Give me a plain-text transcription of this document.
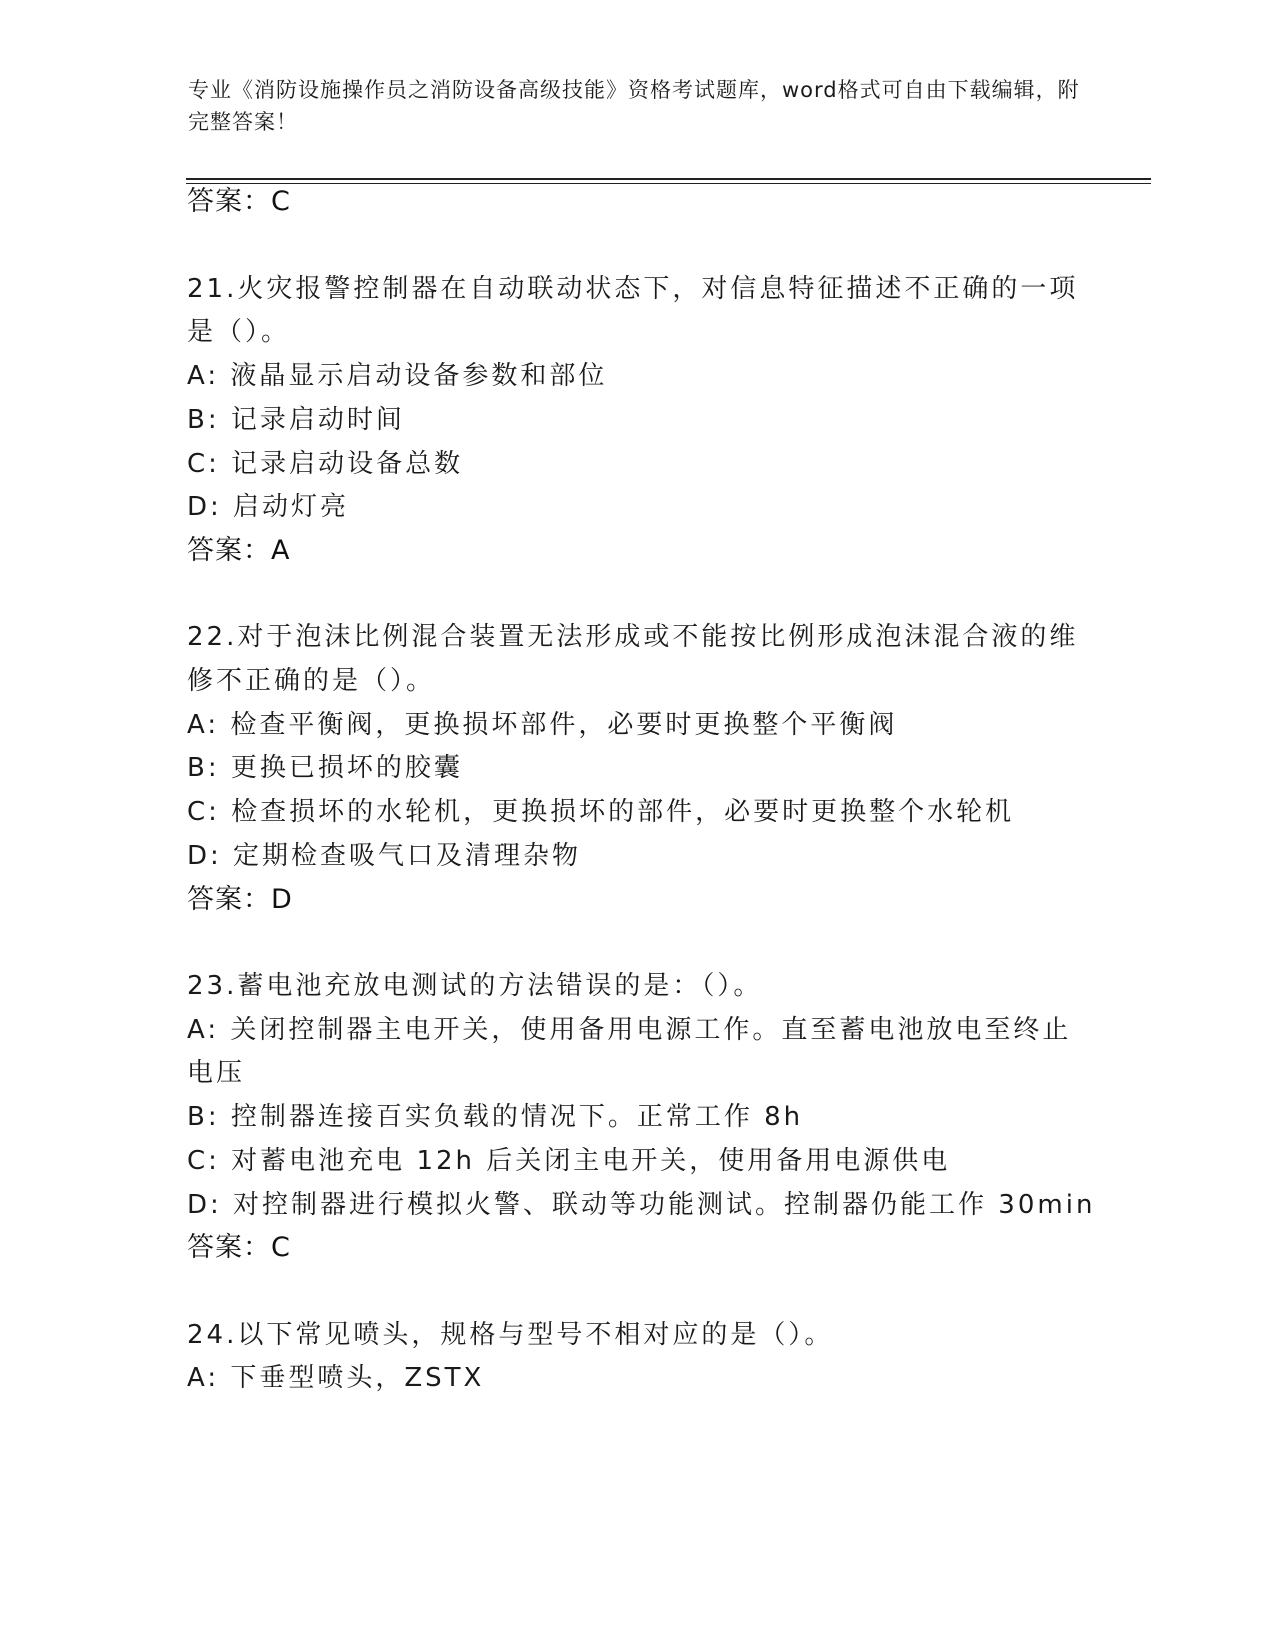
专业《消防设施操作员之消防设备高级技能》资格考试题库，word格式可自由下载编辑，附完整答案！
答案：C
21.火灾报警控制器在自动联动状态下，对信息特征描述不正确的一项
是（）。
A: 液晶显示启动设备参数和部位
B: 记录启动时间
C: 记录启动设备总数
D: 启动灯亮
答案：A
22.对于泡沫比例混合装置无法形成或不能按比例形成泡沫混合液的维
修不正确的是（）。
A: 检查平衡阀，更换损坏部件，必要时更换整个平衡阀
B: 更换已损坏的胶囊
C: 检查损坏的水轮机，更换损坏的部件，必要时更换整个水轮机
D: 定期检查吸气口及清理杂物
答案：D
23.蓄电池充放电测试的方法错误的是：（）。
A: 关闭控制器主电开关，使用备用电源工作。直至蓄电池放电至终止
电压
B: 控制器连接百实负载的情况下。正常工作 8h
C: 对蓄电池充电 12h 后关闭主电开关，使用备用电源供电
D: 对控制器进行模拟火警、联动等功能测试。控制器仍能工作 30min
答案：C
24.以下常见喷头，规格与型号不相对应的是（）。
A: 下垂型喷头，ZSTX
